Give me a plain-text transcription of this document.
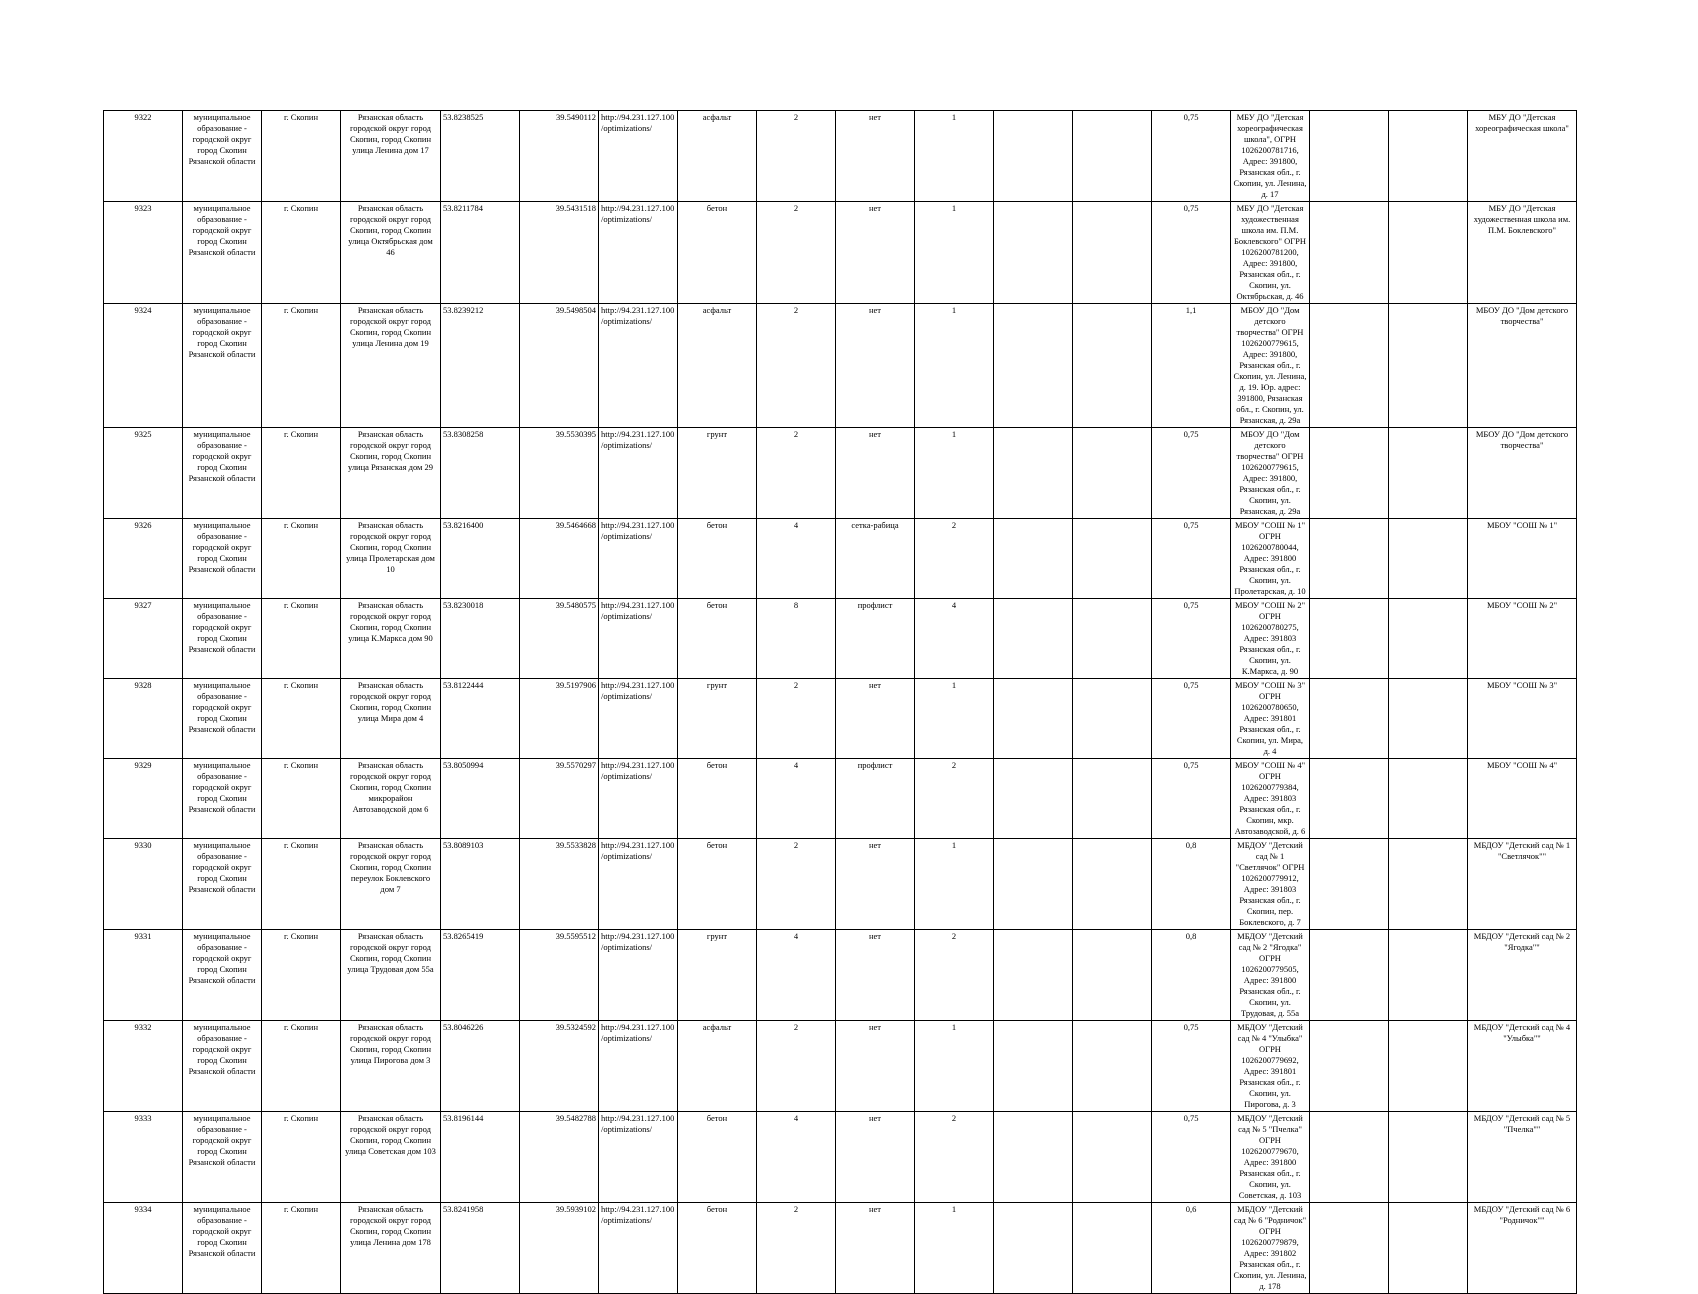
9322	муниципальное образование - городской округ город Скопин Рязанской области	г. Скопин	Рязанская область городской округ город Скопин, город Скопин улица Ленина дом 17	53.8238525	39.5490112	http://94.231.127.100/optimizations/	асфальт	2	нет	1			0,75	МБУ ДО "Детская хореографическая школа", ОГРН 1026200781716, Адрес: 391800, Рязанская обл., г. Скопин, ул. Ленина, д. 17			МБУ ДО "Детская хореографическая школа"
9323	муниципальное образование - городской округ город Скопин Рязанской области	г. Скопин	Рязанская область городской округ город Скопин, город Скопин улица Октябрьская дом 46	53.8211784	39.5431518	http://94.231.127.100/optimizations/	бетон	2	нет	1			0,75	МБУ ДО "Детская художественная школа им. П.М. Боклевского" ОГРН 1026200781200, Адрес: 391800, Рязанская обл., г. Скопин, ул. Октябрьская, д. 46			МБУ ДО "Детская художественная школа им. П.М. Боклевского"
9324	муниципальное образование - городской округ город Скопин Рязанской области	г. Скопин	Рязанская область городской округ город Скопин, город Скопин улица Ленина дом 19	53.8239212	39.5498504	http://94.231.127.100/optimizations/	асфальт	2	нет	1			1,1	МБОУ ДО "Дом детского творчества" ОГРН 1026200779615, Адрес: 391800, Рязанская обл., г. Скопин, ул. Ленина, д. 19. Юр. адрес: 391800, Рязанская обл., г. Скопин, ул. Рязанская, д. 29а			МБОУ ДО "Дом детского творчества"
9325	муниципальное образование - городской округ город Скопин Рязанской области	г. Скопин	Рязанская область городской округ город Скопин, город Скопин улица Рязанская дом 29	53.8308258	39.5530395	http://94.231.127.100/optimizations/	грунт	2	нет	1			0,75	МБОУ ДО "Дом детского творчества" ОГРН 1026200779615, Адрес: 391800, Рязанская обл., г. Скопин, ул. Рязанская, д. 29а			МБОУ ДО "Дом детского творчества"
9326	муниципальное образование - городской округ город Скопин Рязанской области	г. Скопин	Рязанская область городской округ город Скопин, город Скопин улица Пролетарская дом 10	53.8216400	39.5464668	http://94.231.127.100/optimizations/	бетон	4	сетка-рабица	2			0,75	МБОУ "СОШ № 1" ОГРН 1026200780044, Адрес: 391800 Рязанская обл., г. Скопин, ул. Пролетарская, д. 10			МБОУ "СОШ № 1"
9327	муниципальное образование - городской округ город Скопин Рязанской области	г. Скопин	Рязанская область городской округ город Скопин, город Скопин улица К.Маркса дом 90	53.8230018	39.5480575	http://94.231.127.100/optimizations/	бетон	8	профлист	4			0,75	МБОУ "СОШ № 2" ОГРН 1026200780275, Адрес: 391803 Рязанская обл., г. Скопин, ул. К.Маркса, д. 90			МБОУ "СОШ № 2"
9328	муниципальное образование - городской округ город Скопин Рязанской области	г. Скопин	Рязанская область городской округ город Скопин, город Скопин улица Мира дом 4	53.8122444	39.5197906	http://94.231.127.100/optimizations/	грунт	2	нет	1			0,75	МБОУ "СОШ № 3" ОГРН 1026200780650, Адрес: 391801 Рязанская обл., г. Скопин, ул. Мира, д. 4			МБОУ "СОШ № 3"
9329	муниципальное образование - городской округ город Скопин Рязанской области	г. Скопин	Рязанская область городской округ город Скопин, город Скопин микрорайон Автозаводской дом 6	53.8050994	39.5570297	http://94.231.127.100/optimizations/	бетон	4	профлист	2			0,75	МБОУ "СОШ № 4" ОГРН 1026200779384, Адрес: 391803 Рязанская обл., г. Скопин, мкр. Автозаводской, д. 6			МБОУ "СОШ № 4"
9330	муниципальное образование - городской округ город Скопин Рязанской области	г. Скопин	Рязанская область городской округ город Скопин, город Скопин переулок Боклевского дом 7	53.8089103	39.5533828	http://94.231.127.100/optimizations/	бетон	2	нет	1			0,8	МБДОУ "Детский сад № 1 "Светлячок" ОГРН 1026200779912, Адрес: 391803 Рязанская обл., г. Скопин, пер. Боклевского, д. 7			МБДОУ "Детский сад № 1 "Светлячок""
9331	муниципальное образование - городской округ город Скопин Рязанской области	г. Скопин	Рязанская область городской округ город Скопин, город Скопин улица Трудовая дом 55а	53.8265419	39.5595512	http://94.231.127.100/optimizations/	грунт	4	нет	2			0,8	МБДОУ "Детский сад № 2 "Ягодка" ОГРН 1026200779505, Адрес: 391800 Рязанская обл., г. Скопин, ул. Трудовая, д. 55а			МБДОУ "Детский сад № 2 "Ягодка""
9332	муниципальное образование - городской округ город Скопин Рязанской области	г. Скопин	Рязанская область городской округ город Скопин, город Скопин улица Пирогова дом 3	53.8046226	39.5324592	http://94.231.127.100/optimizations/	асфальт	2	нет	1			0,75	МБДОУ "Детский сад № 4 "Улыбка" ОГРН 1026200779692, Адрес: 391801 Рязанская обл., г. Скопин, ул. Пирогова, д. 3			МБДОУ "Детский сад № 4 "Улыбка""
9333	муниципальное образование - городской округ город Скопин Рязанской области	г. Скопин	Рязанская область городской округ город Скопин, город Скопин улица Советская дом 103	53.8196144	39.5482788	http://94.231.127.100/optimizations/	бетон	4	нет	2			0,75	МБДОУ "Детский сад № 5 "Пчелка" ОГРН 1026200779670, Адрес: 391800 Рязанская обл., г. Скопин, ул. Советская, д. 103			МБДОУ "Детский сад № 5 "Пчелка""
9334	муниципальное образование - городской округ город Скопин Рязанской области	г. Скопин	Рязанская область городской округ город Скопин, город Скопин улица Ленина дом 178	53.8241958	39.5939102	http://94.231.127.100/optimizations/	бетон	2	нет	1			0,6	МБДОУ "Детский сад № 6 "Родничок" ОГРН 1026200779879, Адрес: 391802 Рязанская обл., г. Скопин, ул. Ленина, д. 178			МБДОУ "Детский сад № 6 "Родничок""
